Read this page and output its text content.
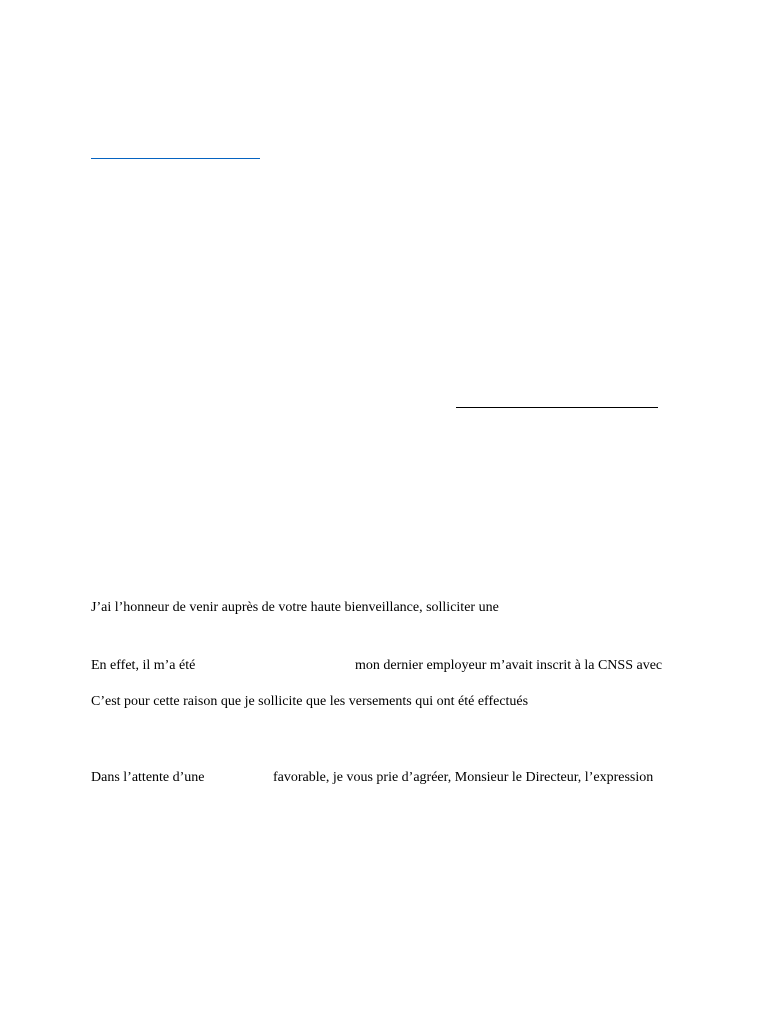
J’ai l’honneur de venir auprès de votre haute bienveillance, solliciter une
En effet, il m’a été	mon dernier employeur m’avait inscrit à la CNSS avec
C’est pour cette raison que je sollicite que les versements qui ont été effectués
Dans l’attente d’une	favorable, je vous prie d’agréer, Monsieur le Directeur, l’expression
